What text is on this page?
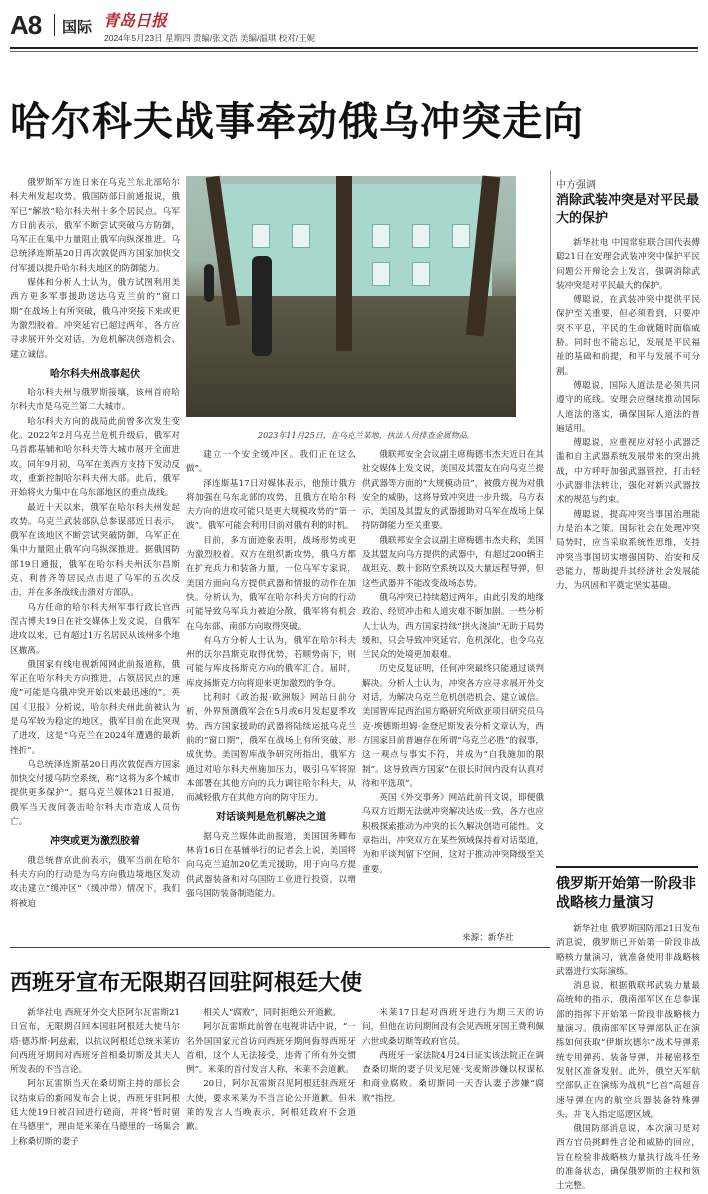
A8 国际 青岛日报
2024年5月23日 星期四 责编/张文浩 美编/温琪 校对/王妮
哈尔科夫战事牵动俄乌冲突走向

俄罗斯军方连日来在乌克兰东北部哈尔科夫州发起攻势。俄国防部日前通报说，俄军已“解放”哈尔科夫州十多个居民点。乌军方日前表示，俄军不断尝试突破乌方防御，乌军正在集中力量阻止俄军向纵深推进。乌总统泽连斯基20日再次敦促西方国家加快交付军援以提升哈尔科夫地区的防御能力。

媒体和分析人士认为，俄方试图利用美西方更多军事援助送达乌克兰前的“窗口期”在战场上有所突破，俄乌冲突接下来或更为激烈胶着。冲突延宕已超过两年，各方应寻求展开外交对话，为危机解决创造机会、建立诚信。

哈尔科夫州战事起伏

哈尔科夫州与俄罗斯接壤，该州首府哈尔科夫市是乌克兰第二大城市。

哈尔科夫方向的战局此前曾多次发生变化。2022年2月乌克兰危机升级后，俄军对乌首都基辅和哈尔科夫等大城市展开全面进攻。同年9月初，乌军在美西方支持下发动反攻，重新控制哈尔科夫州大部。此后，俄军开始将火力集中在乌东部地区的重点战线。

最近十天以来，俄军在哈尔科夫州发起攻势。乌克兰武装部队总参谋部近日表示，俄军在该地区不断尝试突破防御，乌军正在集中力量阻止俄军向乌纵深推进。据俄国防部19日通报，俄军在哈尔科夫州沃尔昌斯克、利普齐等居民点击退了乌军的五次反击，并在多条战线击溃对方部队。

乌方任命的哈尔科夫州军事行政长官西涅古博夫19日在社交媒体上发文说，自俄军进攻以来，已有超过1万名居民从该州多个地区撤离。

俄国家有线电视新闻网此前报道称，俄军正在哈尔科夫方向推进，占领居民点的速度“可能是乌俄冲突开始以来最迅速的”。英国《卫报》分析说，哈尔科夫州此前被认为是乌军较为稳定的地区，俄军目前在此突现了进攻，这是“乌克兰在2024年遭遇的最新挫折”。

乌总统泽连斯基20日再次敦促西方国家加快交付援乌防空系统，称“这将为多个城市提供更多保护”。据乌克兰媒体21日报道，俄军当天夜间袭击哈尔科夫市造成人员伤亡。

冲突或更为激烈胶着

俄总统普京此前表示，俄军当前在哈尔科夫方向的行动是为乌方向俄边境地区发动攻击建立“缓冲区”（缓冲带）情况下，我们将被迫

2023年11月25日，在乌克兰某地，执法人员排查金属物品。

建立一个安全缓冲区。我们正在这么做”。

泽连斯基17日对媒体表示，他预计俄方将加强在乌东北部的攻势，且俄方在哈尔科夫方向的进攻可能只是更大规模攻势的“第一波”。俄军可能会利用目前对俄有利的时机。

目前，多方面迹象表明，战场形势或更为激烈胶着。双方在组织新攻势，俄乌方都在扩充兵力和装备力量，一位乌军专家说，美国方面向乌方提供武器和情报的动作在加快。分析认为，俄军在哈尔科夫方向的行动可能导致乌军兵力被迫分散，俄军将有机会在乌东部、南部方向取得突破。

有乌方分析人士认为，俄军在哈尔科夫州的沃尔昌斯克取得优势，若顺势南下，则可能与库皮扬斯克方向的俄军汇合。届时，库皮扬斯克方向将迎来更加激烈的争夺。

比利时《政治报·欧洲版》网站日前分析，外界预测俄军会在5月或6月发起夏季攻势。西方国家援助的武器将陆续运抵乌克兰前的“窗口期”，俄军在战场上有所突破，形成优势。美国智库战争研究所指出，俄军方通过对哈尔科夫州施加压力，吸引乌军将原本部署在其他方向的兵力调往哈尔科夫，从而减轻俄方在其他方向的防守压力。

对话谈判是危机解决之道

据乌克兰媒体此前报道，美国国务卿布林肯16日在基辅举行的记者会上说，美国将向乌克兰追加20亿美元援助，用于向乌方提供武器装备和对乌国防工业进行投资，以增强乌国防装备制造能力。

俄联邦安全会议副主席梅德韦杰夫近日在其社交媒体上发文说，美国及其盟友在向乌克兰提供武器等方面的“大规模动员”，被俄方视为对俄安全的威胁，这将导致冲突进一步升级。乌方表示，美国及其盟友的武器援助对乌军在战场上保持防御能力至关重要。

俄联邦安全会议副主席梅德韦杰夫称，美国及其盟友向乌方提供的武器中，有超过200辆主战坦克、数十套防空系统以及大量远程导弹，但这些武器并不能改变战场态势。

俄乌冲突已持续超过两年，由此引发的地缘政治、经贸冲击和人道灾难不断加剧。一些分析人士认为，西方国家持续“拱火浇油”无助于局势缓和，只会导致冲突延宕、危机深化，也令乌克兰民众的处境更加艰难。

历史反复证明，任何冲突最终只能通过谈判解决。分析人士认为，冲突各方应寻求展开外交对话，为解决乌克兰危机创造机会、建立诚信。美国智库昆西治国方略研究所欧亚项目研究员乌克·埃德斯坦姆·金登尼斯发表分析文章认为，西方国家目前普遍存在所谓“乌克兰必胜”的叙事，这一观点与事实不符，并成为“自我施加的限制”。这导致西方国家“在很长时间内没有认真对待和平选项”。

英国《外交事务》网站此前刊文说，即便俄乌双方近期无法就冲突解决达成一致，各方也应积极探索推动为冲突的长久解决创造可能性。文章指出，冲突双方在某些领域保持着对话渠道，为和平谈判留下空间，这对于推动冲突降级至关重要。

来源：新华社
中方强调
消除武装冲突是对平民最大的保护

新华社电 中国常驻联合国代表傅聪21日在安理会武装冲突中保护平民问题公开辩论会上发言，强调消除武装冲突是对平民最大的保护。

傅聪说，在武装冲突中提供平民保护至关重要，但必须看到，只要冲突不平息，平民的生命就随时面临威胁。同时也不能忘记，发展是平民福祉的基础和前提，和平与发展不可分割。

傅聪说，国际人道法是必须共同遵守的底线。安理会应继续推动国际人道法的落实，确保国际人道法的普遍适用。

傅聪说，应重视应对轻小武器泛滥和自主武器系统发展带来的突出挑战，中方呼吁加强武器管控，打击轻小武器非法转让，强化对新兴武器技术的规范与约束。

傅聪说，提高冲突当事国治理能力是治本之策。国际社会在处理冲突局势时，应当采取系统性思维，支持冲突当事国切实增强国防、治安和反恐能力，帮助提升其经济社会发展能力，为巩固和平奠定坚实基础。

俄罗斯开始第一阶段非战略核力量演习

新华社电 俄罗斯国防部21日发布消息说，俄罗斯已开始第一阶段非战略核力量演习，就准备使用非战略核武器进行实际演练。

消息说，根据俄联邦武装力量最高统帅的指示，俄南部军区在总参谋部的指挥下开始第一阶段非战略核力量演习。俄南部军区导弹部队正在演练如何获取“伊斯坎德尔”战术导弹系统专用弹药、装备导弹，并秘密移至发射区准备发射。此外，俄空天军航空部队正在演练为战机“匕首”高超音速导弹在内的航空兵器装备特殊弹头，并飞入指定巡逻区域。

俄国防部消息说，本次演习是对西方官员挑衅性言论和威胁的回应，旨在检验非战略核力量执行战斗任务的准备状态，确保俄罗斯的主权和领土完整。

西班牙宣布无限期召回驻阿根廷大使

新华社电 西班牙外交大臣阿尔瓦雷斯21日宣布，无限期召回本国驻阿根廷大使马尔塔·德苏斯·阿兹索，以抗议阿根廷总统米莱访问西班牙期间对西班牙首相桑切斯及其夫人所发表的不当言论。

阿尔瓦雷斯当天在桑切斯主持的部长会议结束后的新闻发布会上说，西班牙驻阿根廷大使19日被召回进行磋商，并将“暂时留在马德里”，理由是米莱在马德里的一场集会上称桑切斯的妻子

相关人“腐败”，同时拒绝公开道歉。

阿尔瓦雷斯此前曾在电视讲话中说，“一名外国国家元首访问西班牙期间侮辱西班牙首相，这个人无法接受，违背了所有外交惯例”。米莱的首付发言人称，米莱不会道歉。

20日，阿尔瓦雷斯召见阿根廷驻西班牙大使，要求米莱为不当言论公开道歉。但米莱的发言人当晚表示，阿根廷政府不会道歉。

米莱17日起对西班牙进行为期三天的访问，但他在访问期间没有会见西班牙国王费利佩六世或桑切斯等政府官员。

西班牙一家法院4月24日证实该法院正在调查桑切斯的妻子贝戈尼娅·戈麦斯涉嫌以权谋私和商业腐败。桑切斯同一天否认妻子涉嫌“腐败”指控。
